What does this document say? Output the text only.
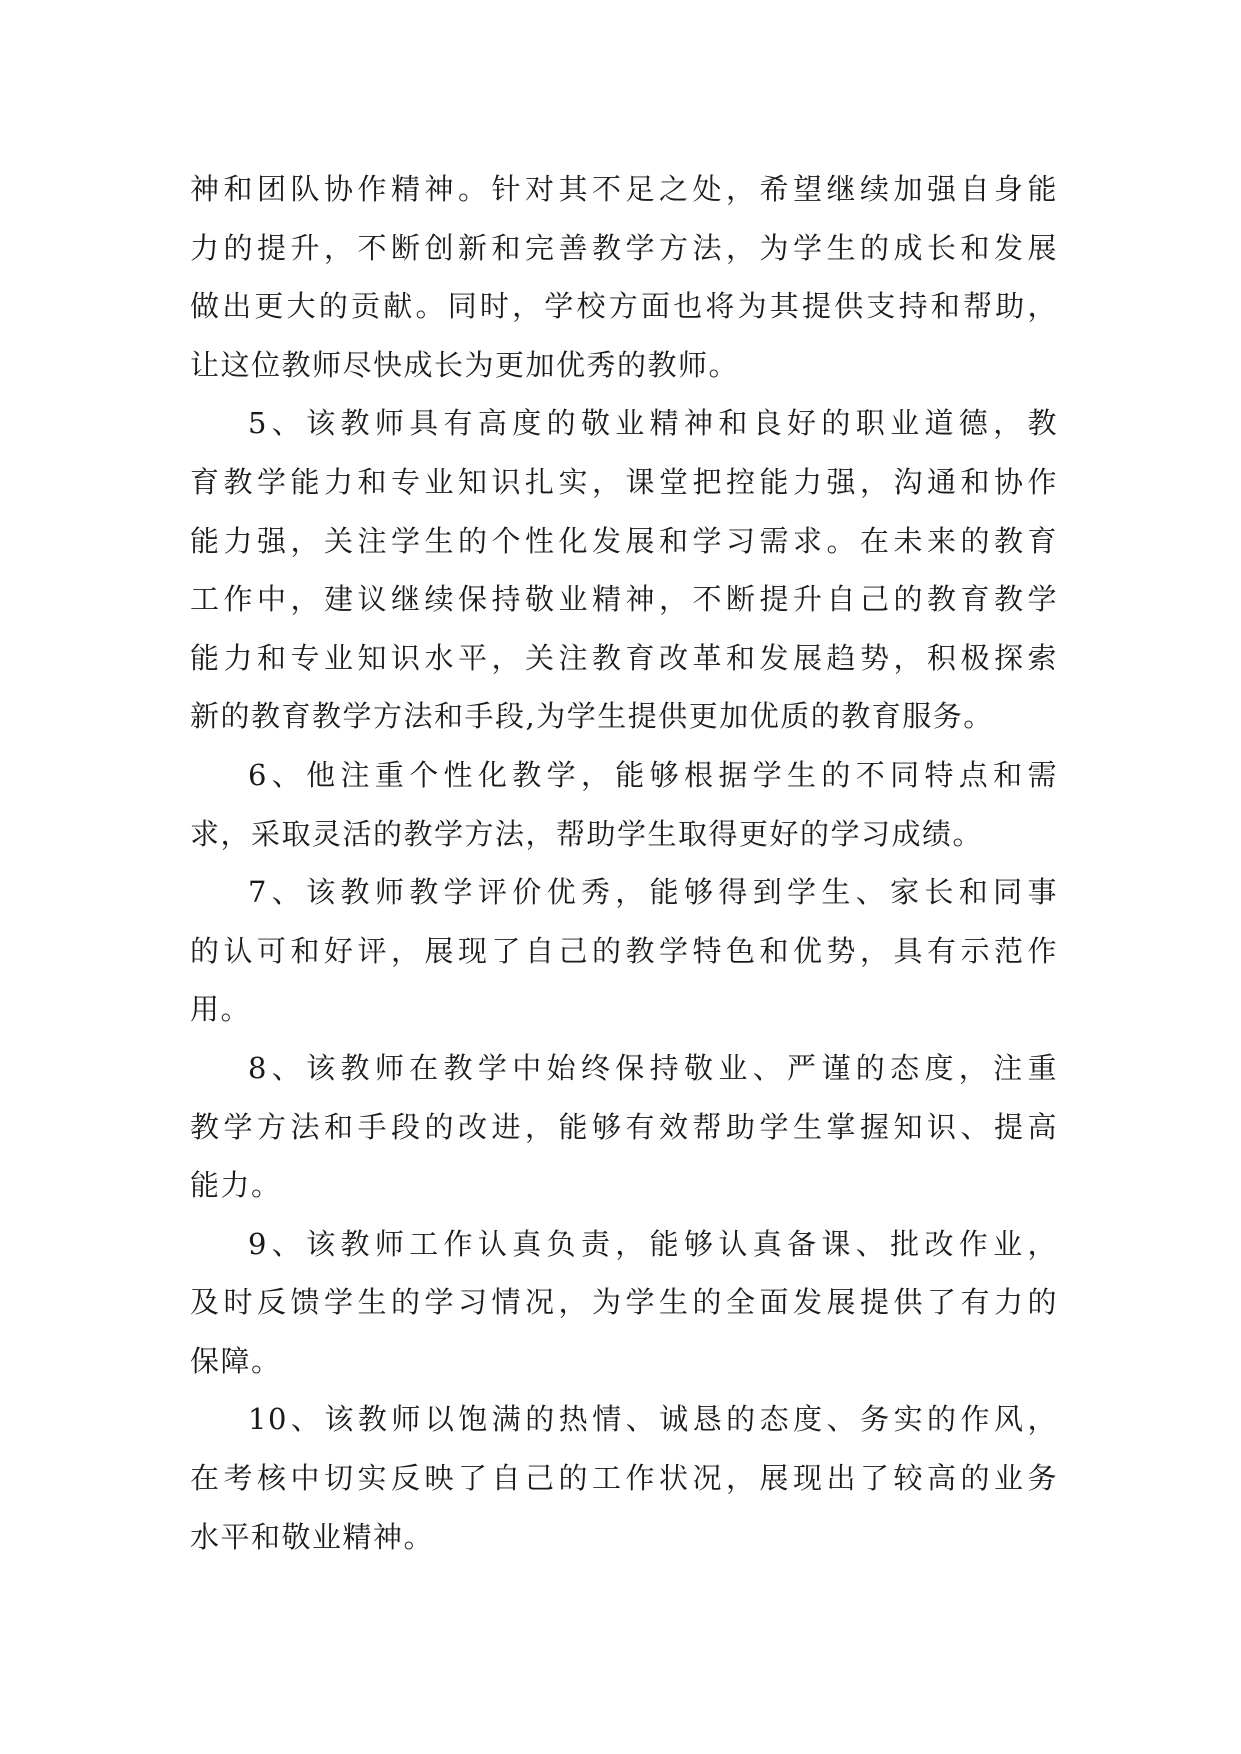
神和团队协作精神。针对其不足之处，希望继续加强自身能
力的提升，不断创新和完善教学方法，为学生的成长和发展
做出更大的贡献。同时，学校方面也将为其提供支持和帮助，
让这位教师尽快成长为更加优秀的教师。
5、该教师具有高度的敬业精神和良好的职业道德，教
育教学能力和专业知识扎实，课堂把控能力强，沟通和协作
能力强，关注学生的个性化发展和学习需求。在未来的教育
工作中，建议继续保持敬业精神，不断提升自己的教育教学
能力和专业知识水平，关注教育改革和发展趋势，积极探索
新的教育教学方法和手段,为学生提供更加优质的教育服务。
6、他注重个性化教学，能够根据学生的不同特点和需
求，采取灵活的教学方法，帮助学生取得更好的学习成绩。
7、该教师教学评价优秀，能够得到学生、家长和同事
的认可和好评，展现了自己的教学特色和优势，具有示范作
用。
8、该教师在教学中始终保持敬业、严谨的态度，注重
教学方法和手段的改进，能够有效帮助学生掌握知识、提高
能力。
9、该教师工作认真负责，能够认真备课、批改作业，
及时反馈学生的学习情况，为学生的全面发展提供了有力的
保障。
10、该教师以饱满的热情、诚恳的态度、务实的作风，
在考核中切实反映了自己的工作状况，展现出了较高的业务
水平和敬业精神。
